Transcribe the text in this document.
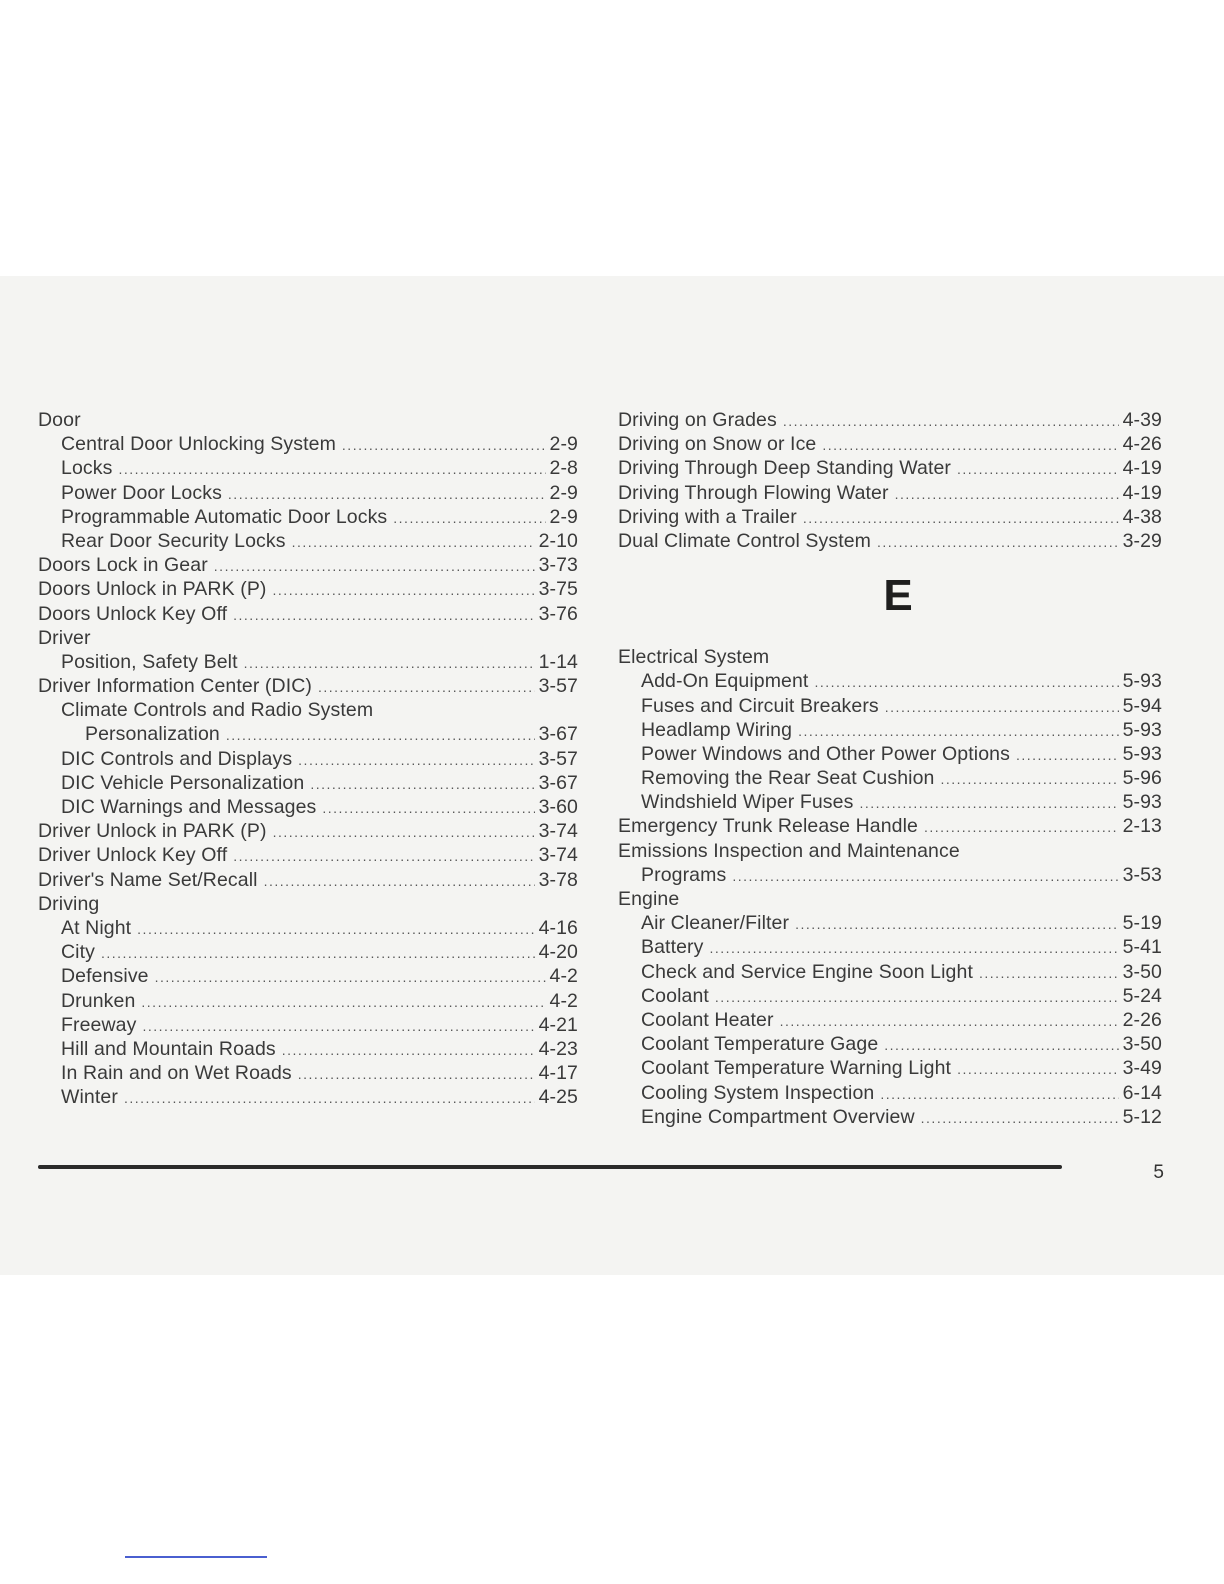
Door
Central Door Unlocking System .....	2-9
Locks .....	2-8
Power Door Locks .....	2-9
Programmable Automatic Door Locks .....	2-9
Rear Door Security Locks .....	2-10
Doors Lock in Gear .....	3-73
Doors Unlock in PARK (P) .....	3-75
Doors Unlock Key Off .....	3-76
Driver
Position, Safety Belt .....	1-14
Driver Information Center (DIC) .....	3-57
Climate Controls and Radio System
Personalization .....	3-67
DIC Controls and Displays .....	3-57
DIC Vehicle Personalization .....	3-67
DIC Warnings and Messages .....	3-60
Driver Unlock in PARK (P) .....	3-74
Driver Unlock Key Off .....	3-74
Driver's Name Set/Recall .....	3-78
Driving
At Night .....	4-16
City .....	4-20
Defensive .....	4-2
Drunken .....	4-2
Freeway .....	4-21
Hill and Mountain Roads .....	4-23
In Rain and on Wet Roads .....	4-17
Winter .....	4-25
Driving on Grades .....	4-39
Driving on Snow or Ice .....	4-26
Driving Through Deep Standing Water .....	4-19
Driving Through Flowing Water .....	4-19
Driving with a Trailer .....	4-38
Dual Climate Control System .....	3-29
E
Electrical System
Add-On Equipment .....	5-93
Fuses and Circuit Breakers .....	5-94
Headlamp Wiring .....	5-93
Power Windows and Other Power Options .....	5-93
Removing the Rear Seat Cushion .....	5-96
Windshield Wiper Fuses .....	5-93
Emergency Trunk Release Handle .....	2-13
Emissions Inspection and Maintenance
Programs .....	3-53
Engine
Air Cleaner/Filter .....	5-19
Battery .....	5-41
Check and Service Engine Soon Light .....	3-50
Coolant .....	5-24
Coolant Heater .....	2-26
Coolant Temperature Gage .....	3-50
Coolant Temperature Warning Light .....	3-49
Cooling System Inspection .....	6-14
Engine Compartment Overview .....	5-12
5
